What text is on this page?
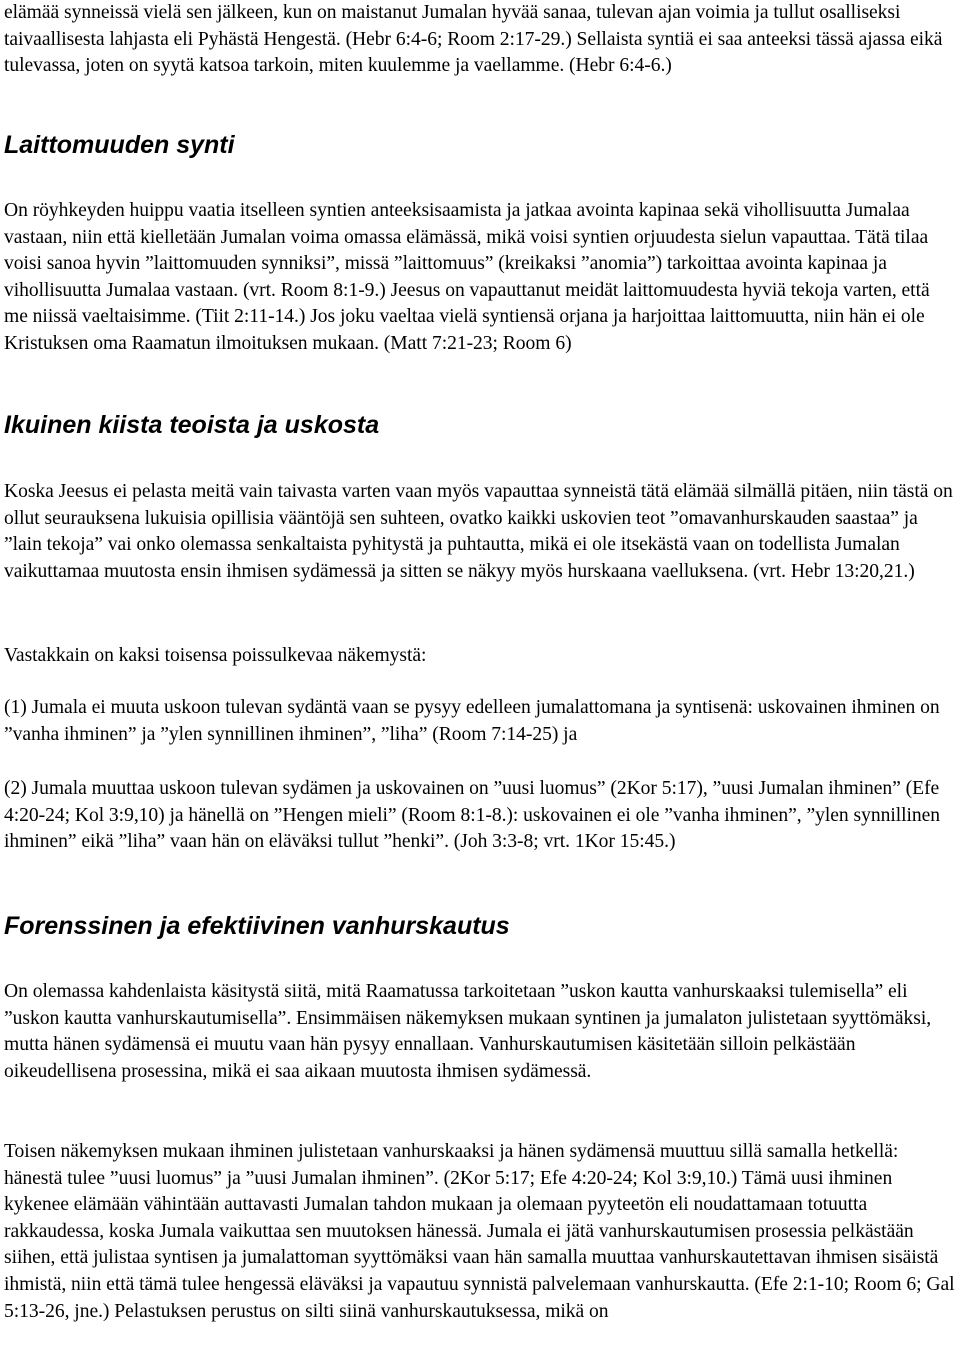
elämää synneissä vielä sen jälkeen, kun on maistanut Jumalan hyvää sanaa, tulevan ajan voimia ja tullut osalliseksi taivaallisesta lahjasta eli Pyhästä Hengestä. (Hebr 6:4-6; Room 2:17-29.) Sellaista syntiä ei saa anteeksi tässä ajassa eikä tulevassa, joten on syytä katsoa tarkoin, miten kuulemme ja vaellamme. (Hebr 6:4-6.)

Laittomuuden synti

On röyhkeyden huippu vaatia itselleen syntien anteeksisaamista ja jatkaa avointa kapinaa sekä vihollisuutta Jumalaa vastaan, niin että kielletään Jumalan voima omassa elämässä, mikä voisi syntien orjuudesta sielun vapauttaa. Tätä tilaa voisi sanoa hyvin ”laittomuuden synniksi”, missä ”laittomuus” (kreikaksi ”anomia”) tarkoittaa avointa kapinaa ja vihollisuutta Jumalaa vastaan. (vrt. Room 8:1-9.) Jeesus on vapauttanut meidät laittomuudesta hyviä tekoja varten, että me niissä vaeltaisimme. (Tiit 2:11-14.) Jos joku vaeltaa vielä syntiensä orjana ja harjoittaa laittomuutta, niin hän ei ole Kristuksen oma Raamatun ilmoituksen mukaan. (Matt 7:21-23; Room 6)

Ikuinen kiista teoista ja uskosta

Koska Jeesus ei pelasta meitä vain taivasta varten vaan myös vapauttaa synneistä tätä elämää silmällä pitäen, niin tästä on ollut seurauksena lukuisia opillisia vääntöjä sen suhteen, ovatko kaikki uskovien teot ”omavanhurskauden saastaa” ja ”lain tekoja” vai onko olemassa senkaltaista pyhitystä ja puhtautta, mikä ei ole itsekästä vaan on todellista Jumalan vaikuttamaa muutosta ensin ihmisen sydämessä ja sitten se näkyy myös hurskaana vaelluksena. (vrt. Hebr 13:20,21.)

Vastakkain on kaksi toisensa poissulkevaa näkemystä:

(1) Jumala ei muuta uskoon tulevan sydäntä vaan se pysyy edelleen jumalattomana ja syntisenä: uskovainen ihminen on ”vanha ihminen” ja ”ylen synnillinen ihminen”, ”liha” (Room 7:14-25) ja

(2) Jumala muuttaa uskoon tulevan sydämen ja uskovainen on ”uusi luomus” (2Kor 5:17), ”uusi Jumalan ihminen” (Efe 4:20-24; Kol 3:9,10) ja hänellä on ”Hengen mieli” (Room 8:1-8.): uskovainen ei ole ”vanha ihminen”, ”ylen synnillinen ihminen” eikä ”liha” vaan hän on eläväksi tullut ”henki”. (Joh 3:3-8; vrt. 1Kor 15:45.)

Forenssinen ja efektiivinen vanhurskautus

On olemassa kahdenlaista käsitystä siitä, mitä Raamatussa tarkoitetaan ”uskon kautta vanhurskaaksi tulemisella” eli ”uskon kautta vanhurskautumisella”. Ensimmäisen näkemyksen mukaan syntinen ja jumalaton julistetaan syyttömäksi, mutta hänen sydämensä ei muutu vaan hän pysyy ennallaan. Vanhurskautumisen käsitetään silloin pelkästään oikeudellisena prosessina, mikä ei saa aikaan muutosta ihmisen sydämessä.

Toisen näkemyksen mukaan ihminen julistetaan vanhurskaaksi ja hänen sydämensä muuttuu sillä samalla hetkellä: hänestä tulee ”uusi luomus” ja ”uusi Jumalan ihminen”. (2Kor 5:17; Efe 4:20-24; Kol 3:9,10.) Tämä uusi ihminen kykenee elämään vähintään auttavasti Jumalan tahdon mukaan ja olemaan pyyteetön eli noudattamaan totuutta rakkaudessa, koska Jumala vaikuttaa sen muutoksen hänessä. Jumala ei jätä vanhurskautumisen prosessia pelkästään siihen, että julistaa syntisen ja jumalattoman syyttömäksi vaan hän samalla muuttaa vanhurskautettavan ihmisen sisäistä ihmistä, niin että tämä tulee hengessä eläväksi ja vapautuu synnistä palvelemaan vanhurskautta. (Efe 2:1-10; Room 6; Gal 5:13-26, jne.) Pelastuksen perustus on silti siinä vanhurskautuksessa, mikä on
